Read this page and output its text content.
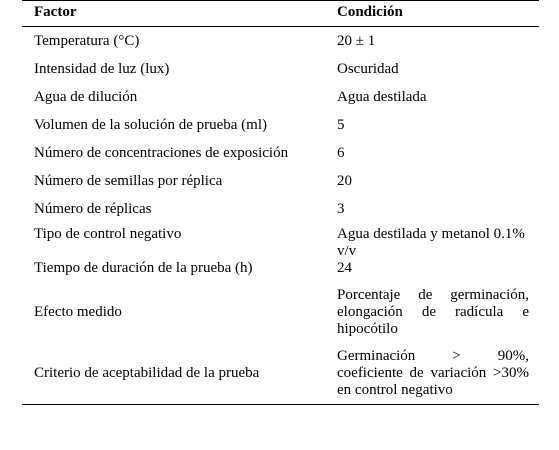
Factor	Condición
Temperatura (°C)	20 ± 1
Intensidad de luz (lux)	Oscuridad
Agua de dilución	Agua destilada
Volumen de la solución de prueba (ml)	5
Número de concentraciones de exposición	6
Número de semillas por réplica	20
Número de réplicas	3
Tipo de control negativo	Agua destilada y metanol 0.1% v/v
Tiempo de duración de la prueba (h)	24
Efecto medido	Porcentaje de germinación, elongación de radícula e hipocótilo
Criterio de aceptabilidad de la prueba	Germinación > 90%, coeficiente de variación >30% en control negativo
